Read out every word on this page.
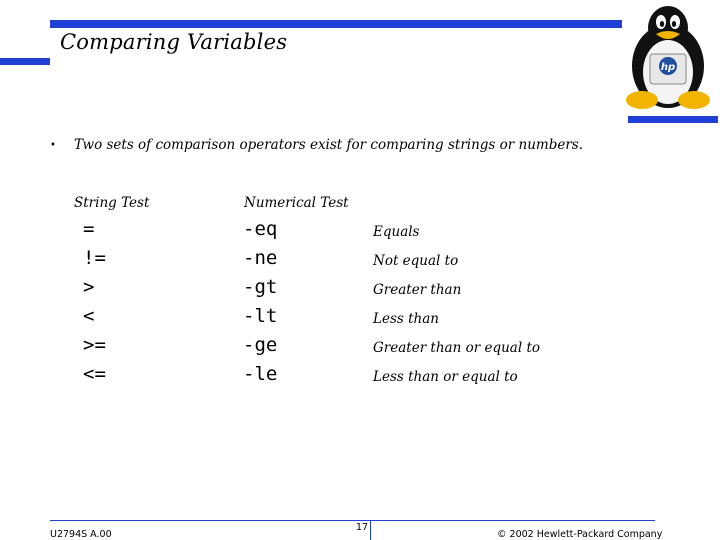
hp
Comparing Variables
• Two sets of comparison operators exist for comparing strings or numbers.
String Test	Numerical Test
=	-eq	Equals
!=	-ne	Not equal to
>	-gt	Greater than
<	-lt	Less than
>=	-ge	Greater than or equal to
<=	-le	Less than or equal to
U2794S A.00
17
© 2002 Hewlett-Packard Company
